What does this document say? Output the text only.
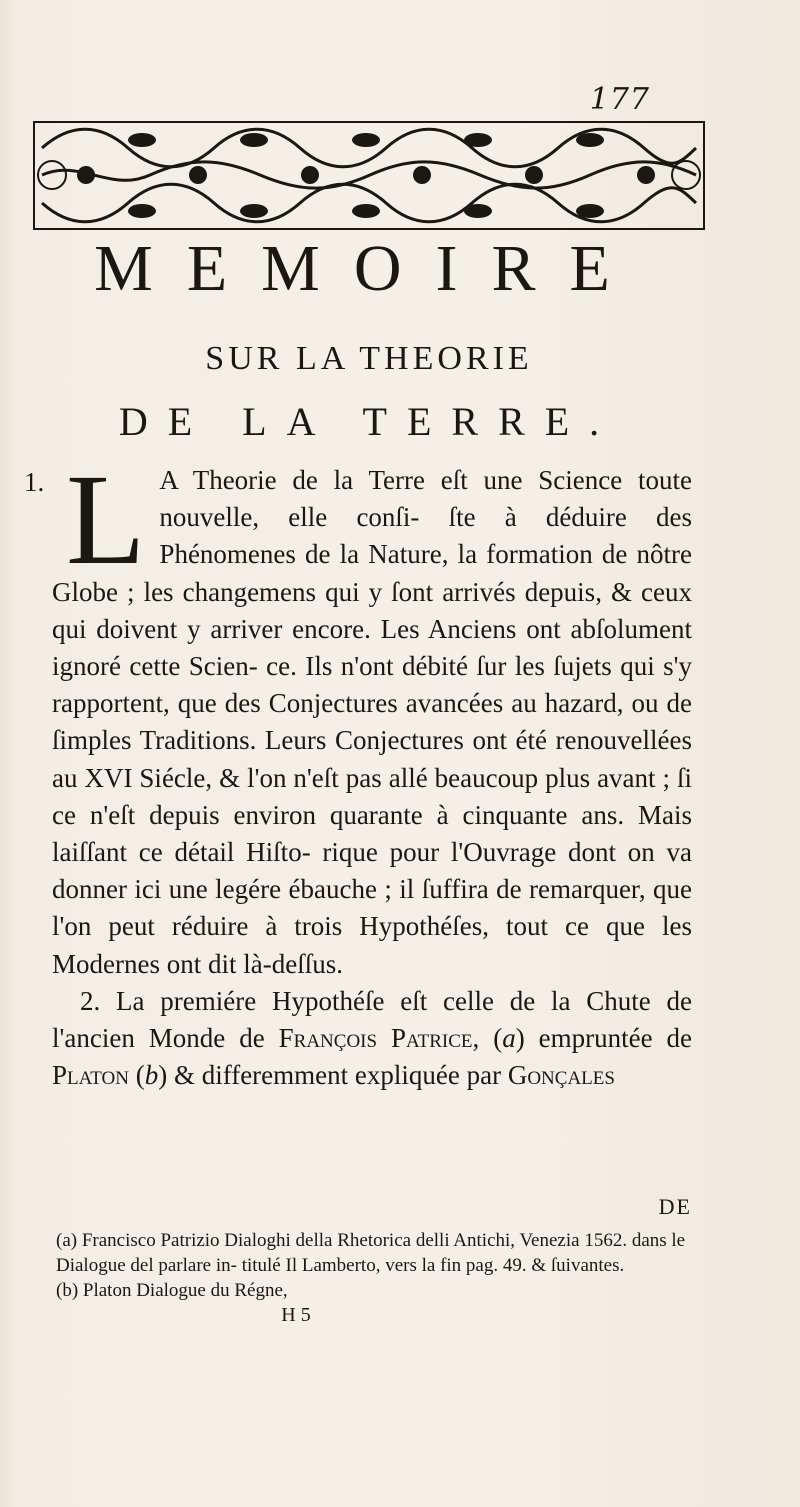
177
MEMOIRE
SUR LA THEORIE
DE LA TERRE.
1. L A Theorie de la Terre eſt une Science toute nouvelle, elle conſi- ſte à déduire des Phénomenes de la Nature, la formation de nôtre Globe ; les changemens qui y ſont arrivés depuis, & ceux qui doivent y arriver encore. Les Anciens ont abſolument ignoré cette Scien- ce. Ils n'ont débité ſur les ſujets qui s'y rapportent, que des Conjectures avancées au hazard, ou de ſimples Traditions. Leurs Conjectures ont été renouvellées au XVI Siécle, & l'on n'eſt pas allé beaucoup plus avant ; ſi ce n'eſt depuis environ quarante à cinquante ans. Mais laiſſant ce détail Hiſto- rique pour l'Ouvrage dont on va donner ici une legére ébauche ; il ſuffira de remarquer, que l'on peut réduire à trois Hypothéſes, tout ce que les Modernes ont dit là-deſſus.
2. La premiére Hypothéſe eſt celle de la Chute de l'ancien Monde de François Patrice, (a) empruntée de Platon (b) & differemment expliquée par Gonçales
DE
(a) Francisco Patrizio Dialoghi della Rhetorica delli Antichi, Venezia 1562. dans le Dialogue del parlare in- titulé Il Lamberto, vers la fin pag. 49. & ſuivantes.
(b) Platon Dialogue du Régne,
H 5
